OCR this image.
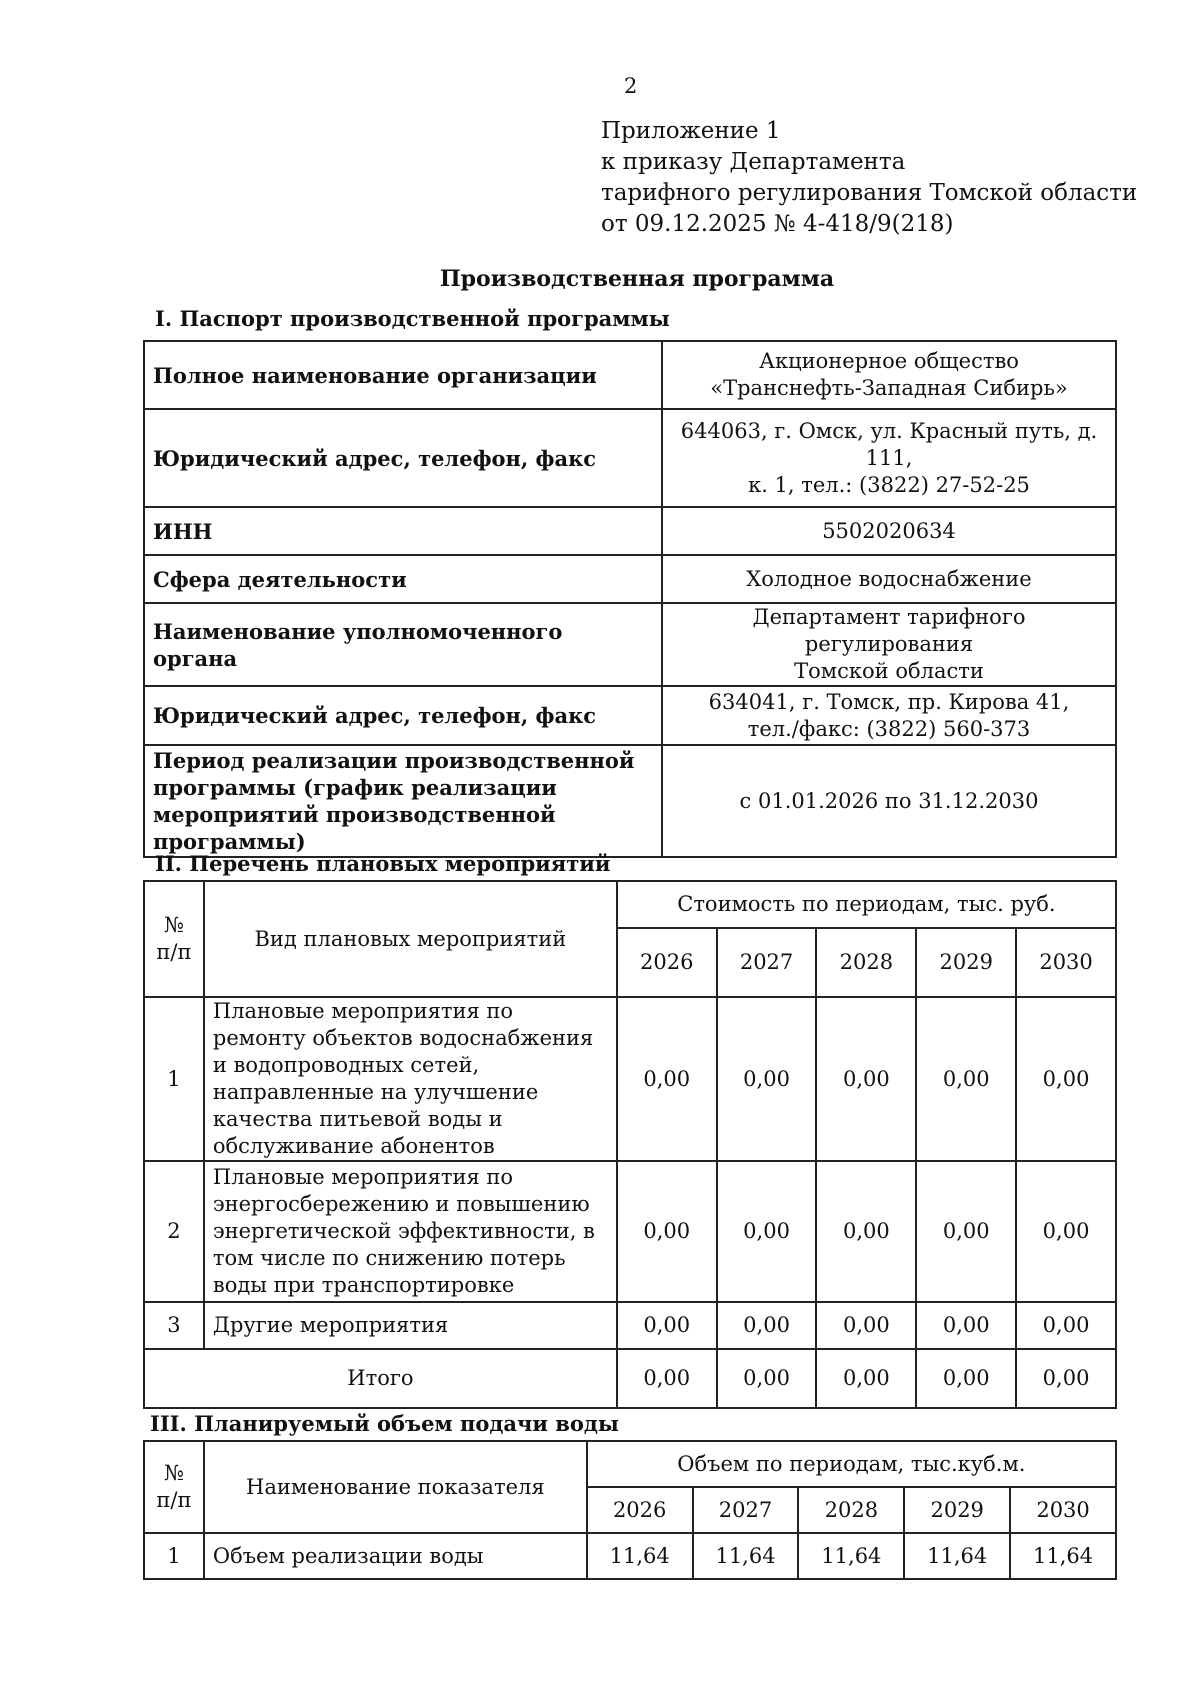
2
Приложение 1
к приказу Департамента
тарифного регулирования Томской области
от 09.12.2025 № 4-418/9(218)
Производственная программа
I. Паспорт производственной программы
Полное наименование организации	Акционерное общество
«Транснефть-Западная Сибирь»

Юридический адрес, телефон, факс	644063, г. Омск, ул. Красный путь, д. 111,
к. 1, тел.: (3822) 27-52-25

ИНН	5502020634
Сфера деятельности	Холодное водоснабжение
Наименование уполномоченного органа	Департамент тарифного регулирования
Томской области

Юридический адрес, телефон, факс	634041, г. Томск, пр. Кирова 41,
тел./факс: (3822) 560-373

Период реализации производственной программы (график реализации мероприятий производственной программы)	с 01.01.2026 по 31.12.2030
II. Перечень плановых мероприятий
№ п/п	Вид плановых мероприятий	Стоимость по периодам, тыс. руб.				
		2026	2027	2028	2029	2030
1	Плановые мероприятия по ремонту объектов водоснабжения и водопроводных сетей, направленные на улучшение качества питьевой воды и обслуживание абонентов	0,00	0,00	0,00	0,00	0,00
2	Плановые мероприятия по энергосбережению и повышению энергетической эффективности, в том числе по снижению потерь воды при транспортировке	0,00	0,00	0,00	0,00	0,00
3	Другие мероприятия	0,00	0,00	0,00	0,00	0,00
Итого		0,00	0,00	0,00	0,00	0,00
III. Планируемый объем подачи воды
№ п/п	Наименование показателя	Объем по периодам, тыс.куб.м.				
		2026	2027	2028	2029	2030
1	Объем реализации воды	11,64	11,64	11,64	11,64	11,64
